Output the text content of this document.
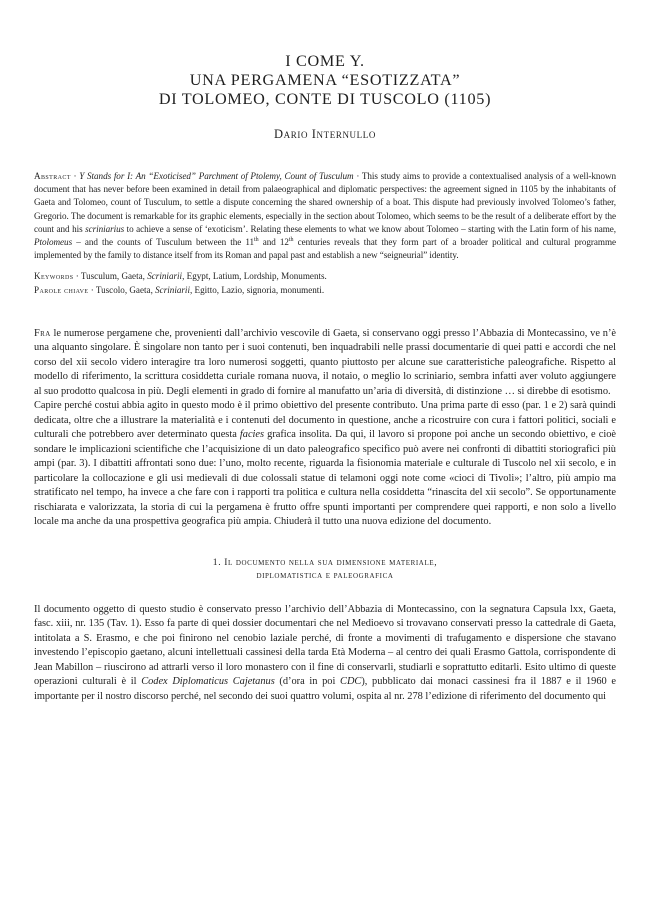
I COME Y.
UNA PERGAMENA “ESOTIZZATA”
DI TOLOMEO, CONTE DI TUSCOLO (1105)
Dario Internullo
Abstract · Y Stands for I: An “Exoticised” Parchment of Ptolemy, Count of Tusculum · This study aims to provide a contextualised analysis of a well-known document that has never before been examined in detail from palaeographical and diplomatic perspectives: the agreement signed in 1105 by the inhabitants of Gaeta and Tolomeo, count of Tusculum, to settle a dispute concerning the shared ownership of a boat. This dispute had previously involved Tolomeo’s father, Gregorio. The document is remarkable for its graphic elements, especially in the section about Tolomeo, which seems to be the result of a deliberate effort by the count and his scriniarius to achieve a sense of ‘exoticism’. Relating these elements to what we know about Tolomeo – starting with the Latin form of his name, Ptolomeus – and the counts of Tusculum between the 11th and 12th centuries reveals that they form part of a broader political and cultural programme implemented by the family to distance itself from its Roman and papal past and establish a new “seigneurial” identity.
Keywords · Tusculum, Gaeta, Scriniarii, Egypt, Latium, Lordship, Monuments.
Parole chiave · Tuscolo, Gaeta, Scriniarii, Egitto, Lazio, signoria, monumenti.

Fra le numerose pergamene che, provenienti dall’archivio vescovile di Gaeta, si conservano oggi presso l’Abbazia di Montecassino, ve n’è una alquanto singolare. È singolare non tanto per i suoi contenuti, ben inquadrabili nelle prassi documentarie di quei patti e accordi che nel corso del xii secolo videro interagire tra loro numerosi soggetti, quanto piuttosto per alcune sue caratteristiche paleografiche. Rispetto al modello di riferimento, la scrittura cosiddetta curiale romana nuova, il notaio, o meglio lo scriniario, sembra infatti aver voluto aggiungere al suo prodotto qualcosa in più. Degli elementi in grado di fornire al manufatto un’aria di diversità, di distinzione … si direbbe di esotismo.

Capire perché costui abbia agito in questo modo è il primo obiettivo del presente contributo. Una prima parte di esso (par. 1 e 2) sarà quindi dedicata, oltre che a illustrare la materialità e i contenuti del documento in questione, anche a ricostruire con cura i fattori politici, sociali e culturali che potrebbero aver determinato questa facies grafica insolita. Da qui, il lavoro si propone poi anche un secondo obiettivo, e cioè sondare le implicazioni scientifiche che l’acquisizione di un dato paleografico specifico può avere nei confronti di dibattiti storiografici più ampi (par. 3). I dibattiti affrontati sono due: l’uno, molto recente, riguarda la fisionomia materiale e culturale di Tuscolo nel xii secolo, e in particolare la collocazione e gli usi medievali di due colossali statue di telamoni oggi note come «cioci di Tivoli»; l’altro, più ampio ma stratificato nel tempo, ha invece a che fare con i rapporti tra politica e cultura nella cosiddetta “rinascita del xii secolo”. Se opportunamente rischiarata e valorizzata, la storia di cui la pergamena è frutto offre spunti importanti per comprendere quei rapporti, e non solo a livello locale ma anche da una prospettiva geografica più ampia. Chiuderà il tutto una nuova edizione del documento.

1. Il documento nella sua dimensione materiale,
diplomatistica e paleografica

Il documento oggetto di questo studio è conservato presso l’archivio dell’Abbazia di Montecassino, con la segnatura Capsula lxx, Gaeta, fasc. xiii, nr. 135 (Tav. 1). Esso fa parte di quei dossier documentari che nel Medioevo si trovavano conservati presso la cattedrale di Gaeta, intitolata a S. Erasmo, e che poi finirono nel cenobio laziale perché, di fronte a movimenti di trafugamento e dispersione che stavano investendo l’episcopio gaetano, alcuni intellettuali cassinesi della tarda Età Moderna – al centro dei quali Erasmo Gattola, corrispondente di Jean Mabillon – riuscirono ad attrarli verso il loro monastero con il fine di conservarli, studiarli e soprattutto editarli. Esito ultimo di queste operazioni culturali è il Codex Diplomaticus Cajetanus (d’ora in poi CDC), pubblicato dai monaci cassinesi fra il 1887 e il 1960 e importante per il nostro discorso perché, nel secondo dei suoi quattro volumi, ospita al nr. 278 l’edizione di riferimento del documento qui
